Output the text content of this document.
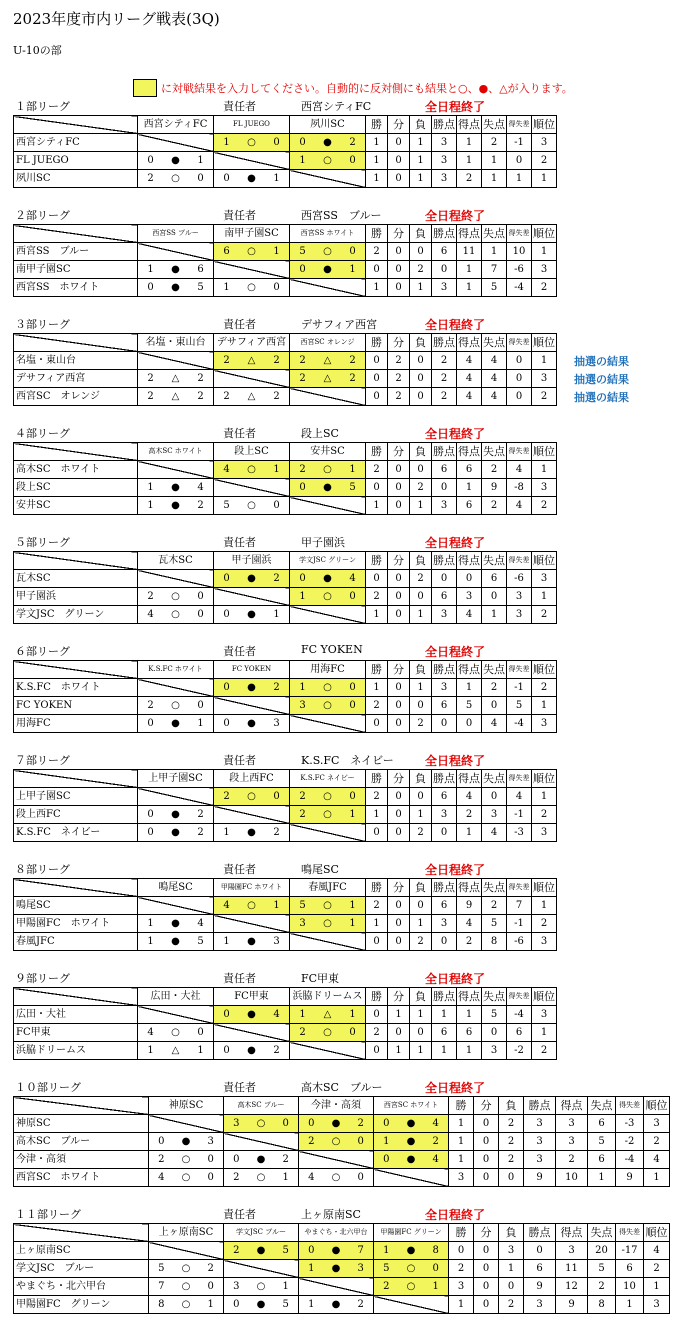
2023年度市内リーグ戦表(3Q)
U-10の部
に対戦結果を入力してください。自動的に反対側にも結果と○、●、△が入ります。
１部リーグ	責任者	西宮シティFC	全日程終了
	西宮シティFC	FL JUEGO	夙川SC	勝	分	負	勝点	得点	失点	得失差	順位
西宮シティFC		1 ○ 0	0 ● 2	1	0	1	3	1	2	-1	3
FL JUEGO	0 ● 1		1 ○ 0	1	0	1	3	1	1	0	2
夙川SC	2 ○ 0	0 ● 1		1	0	1	3	2	1	1	1
２部リーグ	責任者	西宮SS　ブルー	全日程終了
	西宮SS ブルー	南甲子園SC	西宮SS ホワイト	勝	分	負	勝点	得点	失点	得失差	順位
西宮SS　ブルー		6 ○ 1	5 ○ 0	2	0	0	6	11	1	10	1
南甲子園SC	1 ● 6		0 ● 1	0	0	2	0	1	7	-6	3
西宮SS　ホワイト	0 ● 5	1 ○ 0		1	0	1	3	1	5	-4	2
３部リーグ	責任者	デサフィア西宮	全日程終了
	名塩・東山台	デサフィア西宮	西宮SC オレンジ	勝	分	負	勝点	得点	失点	得失差	順位
名塩・東山台		2 △ 2	2 △ 2	0	2	0	2	4	4	0	1
デサフィア西宮	2 △ 2		2 △ 2	0	2	0	2	4	4	0	3
西宮SC　オレンジ	2 △ 2	2 △ 2		0	2	0	2	4	4	0	2
抽選の結果
抽選の結果
抽選の結果
４部リーグ	責任者	段上SC	全日程終了
	高木SC ホワイト	段上SC	安井SC	勝	分	負	勝点	得点	失点	得失差	順位
高木SC　ホワイト		4 ○ 1	2 ○ 1	2	0	0	6	6	2	4	1
段上SC	1 ● 4		0 ● 5	0	0	2	0	1	9	-8	3
安井SC	1 ● 2	5 ○ 0		1	0	1	3	6	2	4	2
５部リーグ	責任者	甲子園浜	全日程終了
	瓦木SC	甲子園浜	学文JSC グリーン	勝	分	負	勝点	得点	失点	得失差	順位
瓦木SC		0 ● 2	0 ● 4	0	0	2	0	0	6	-6	3
甲子園浜	2 ○ 0		1 ○ 0	2	0	0	6	3	0	3	1
学文JSC　グリーン	4 ○ 0	0 ● 1		1	0	1	3	4	1	3	2
６部リーグ	責任者	FC YOKEN	全日程終了
	K.S.FC ホワイト	FC YOKEN	用海FC	勝	分	負	勝点	得点	失点	得失差	順位
K.S.FC　ホワイト		0 ● 2	1 ○ 0	1	0	1	3	1	2	-1	2
FC YOKEN	2 ○ 0		3 ○ 0	2	0	0	6	5	0	5	1
用海FC	0 ● 1	0 ● 3		0	0	2	0	0	4	-4	3
７部リーグ	責任者	K.S.FC　ネイビー	全日程終了
	上甲子園SC	段上西FC	K.S.FC ネイビー	勝	分	負	勝点	得点	失点	得失差	順位
上甲子園SC		2 ○ 0	2 ○ 0	2	0	0	6	4	0	4	1
段上西FC	0 ● 2		2 ○ 1	1	0	1	3	2	3	-1	2
K.S.FC　ネイビー	0 ● 2	1 ● 2		0	0	2	0	1	4	-3	3
８部リーグ	責任者	鳴尾SC	全日程終了
	鳴尾SC	甲陽園FC ホワイト	春風JFC	勝	分	負	勝点	得点	失点	得失差	順位
鳴尾SC		4 ○ 1	5 ○ 1	2	0	0	6	9	2	7	1
甲陽園FC　ホワイト	1 ● 4		3 ○ 1	1	0	1	3	4	5	-1	2
春風JFC	1 ● 5	1 ● 3		0	0	2	0	2	8	-6	3
９部リーグ	責任者	FC甲東	全日程終了
	広田・大社	FC甲東	浜脇ドリームス	勝	分	負	勝点	得点	失点	得失差	順位
広田・大社		0 ● 4	1 △ 1	0	1	1	1	1	5	-4	3
FC甲東	4 ○ 0		2 ○ 0	2	0	0	6	6	0	6	1
浜脇ドリームス	1 △ 1	0 ● 2		0	1	1	1	1	3	-2	2
１０部リーグ	責任者	高木SC　ブルー	全日程終了
	神原SC	高木SC ブルー	今津・高須	西宮SC ホワイト	勝	分	負	勝点	得点	失点	得失差	順位
神原SC		3 ○ 0	0 ● 2	0 ● 4	1	0	2	3	3	6	-3	3
高木SC　ブルー	0 ● 3		2 ○ 0	1 ● 2	1	0	2	3	3	5	-2	2
今津・高須	2 ○ 0	0 ● 2		0 ● 4	1	0	2	3	2	6	-4	4
西宮SC　ホワイト	4 ○ 0	2 ○ 1	4 ○ 0		3	0	0	9	10	1	9	1
１１部リーグ	責任者	上ヶ原南SC	全日程終了
	上ヶ原南SC	学文JSC ブルー	やまぐち・北六甲台	甲陽園FC グリーン	勝	分	負	勝点	得点	失点	得失差	順位
上ヶ原南SC		2 ● 5	0 ● 7	1 ● 8	0	0	3	0	3	20	-17	4
学文JSC　ブルー	5 ○ 2		1 ● 3	5 ○ 0	2	0	1	6	11	5	6	2
やまぐち・北六甲台	7 ○ 0	3 ○ 1		2 ○ 1	3	0	0	9	12	2	10	1
甲陽園FC　グリーン	8 ○ 1	0 ● 5	1 ● 2		1	0	2	3	9	8	1	3
